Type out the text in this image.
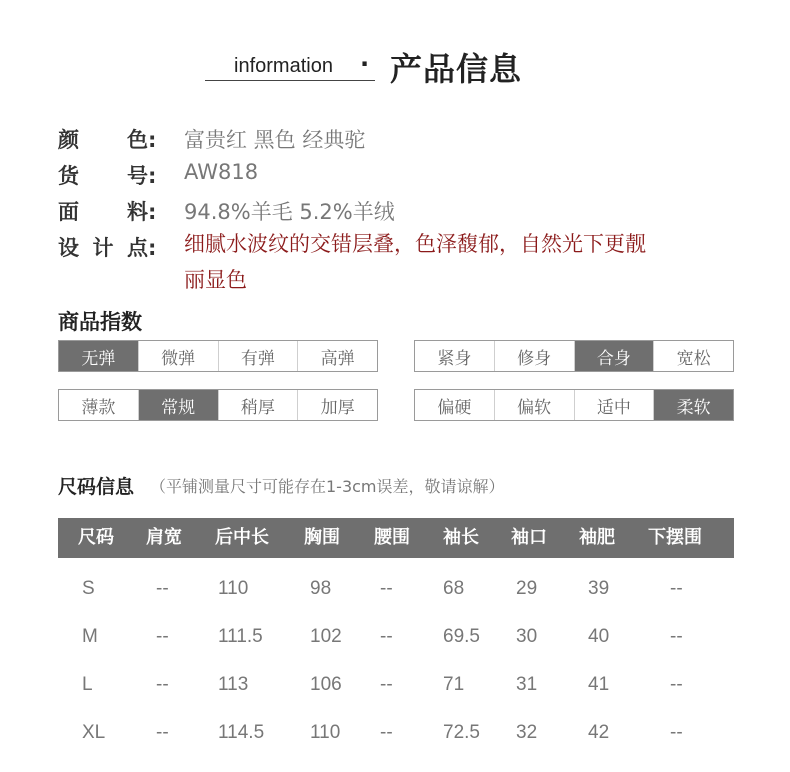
information · 产品信息
颜 色:	富贵红 黑色 经典驼
货 号:	AW818
面 料:	94.8%羊毛 5.2%羊绒
设计点:	细腻水波纹的交错层叠，色泽馥郁，自然光下更靓
丽显色
商品指数
无弹	微弹	有弹	高弹	紧身	修身	合身	宽松
薄款	常规	稍厚	加厚	偏硬	偏软	适中	柔软
尺码信息 （平铺测量尺寸可能存在1-3cm误差，敬请谅解）
尺码 肩宽 后中长 胸围 腰围 袖长 袖口 袖肥 下摆围
S	--	110	98	--	68	29	39	--
M	--	111.5 102 --	69.5 30	40	--
L	--	113	106 --	71	31	41	--
XL	--	114.5 110 --	72.5 32	42	--
